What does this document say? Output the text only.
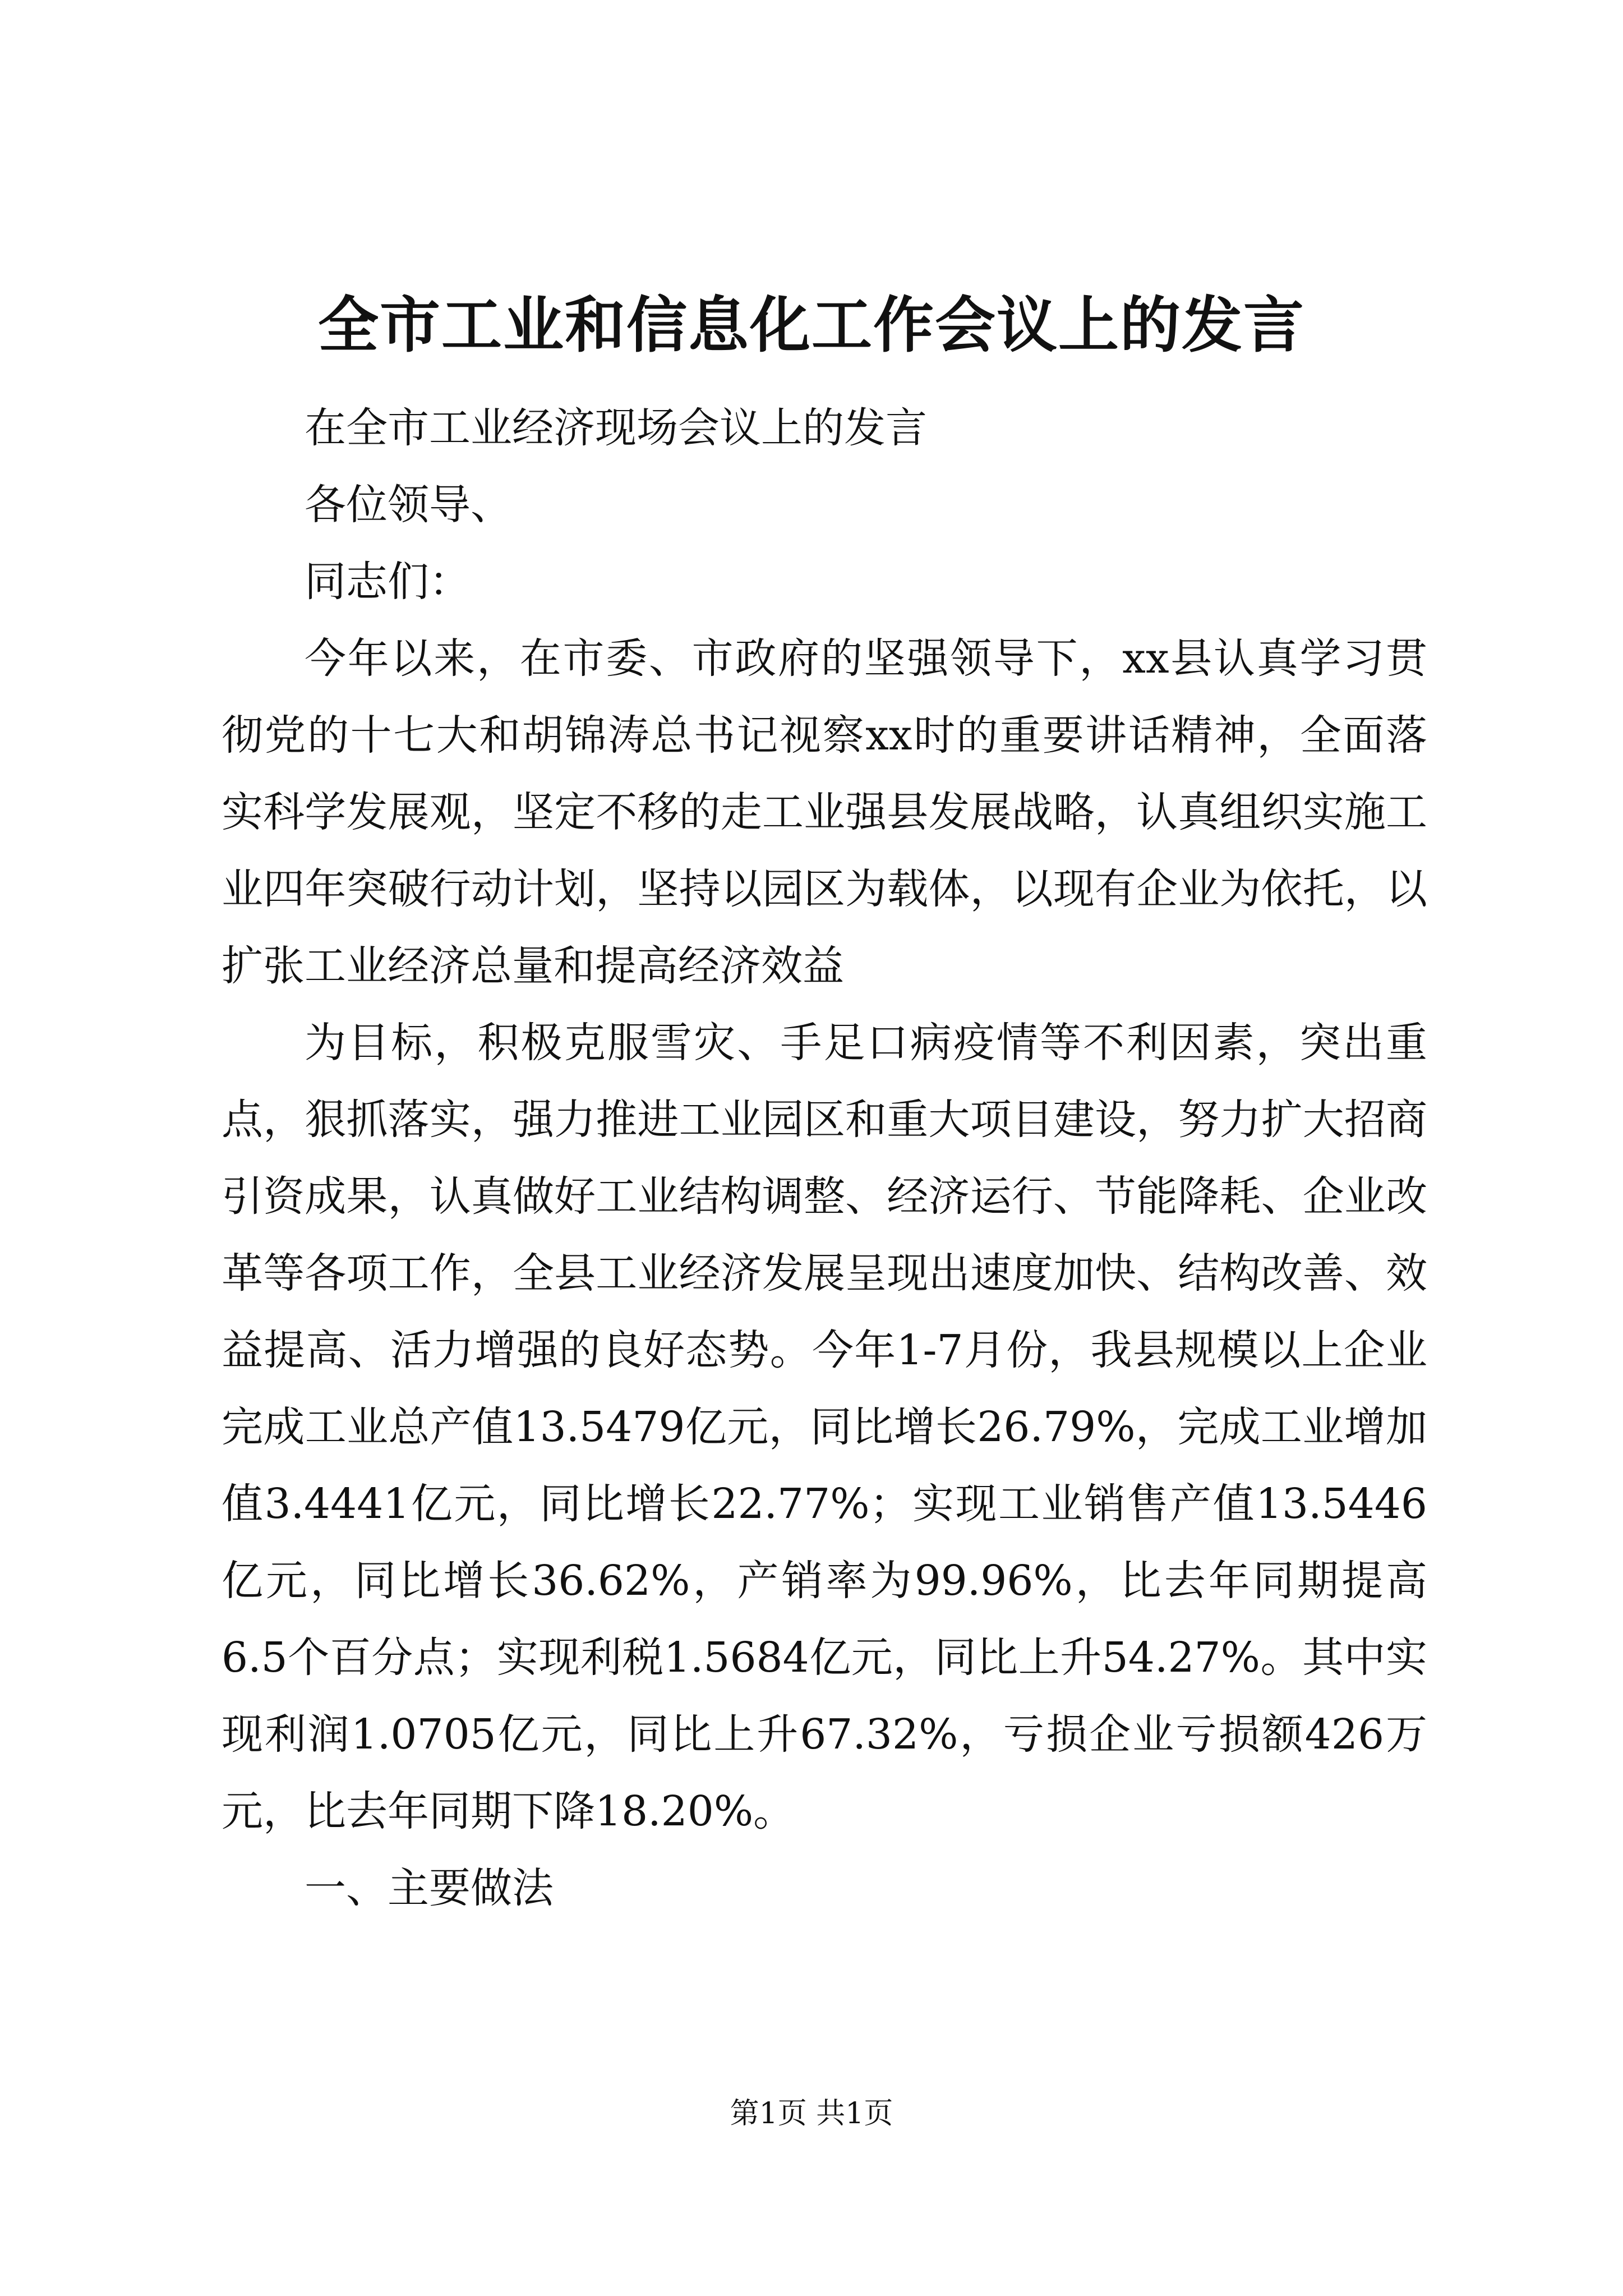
全市工业和信息化工作会议上的发言

在全市工业经济现场会议上的发言

各位领导、

同志们：

今年以来，在市委、市政府的坚强领导下，xx县认真学习贯彻党的十七大和胡锦涛总书记视察xx时的重要讲话精神，全面落实科学发展观，坚定不移的走工业强县发展战略，认真组织实施工业四年突破行动计划，坚持以园区为载体，以现有企业为依托，以扩张工业经济总量和提高经济效益

为目标，积极克服雪灾、手足口病疫情等不利因素，突出重点，狠抓落实，强力推进工业园区和重大项目建设，努力扩大招商引资成果，认真做好工业结构调整、经济运行、节能降耗、企业改革等各项工作，全县工业经济发展呈现出速度加快、结构改善、效益提高、活力增强的良好态势。今年1-7月份，我县规模以上企业完成工业总产值13.5479亿元，同比增长26.79%，完成工业增加值3.4441亿元，同比增长22.77%；实现工业销售产值13.5446亿元，同比增长36.62%，产销率为99.96%，比去年同期提高6.5个百分点；实现利税1.5684亿元，同比上升54.27%。其中实现利润1.0705亿元，同比上升67.32%，亏损企业亏损额426万元，比去年同期下降18.20%。

一、主要做法

第1页 共1页
